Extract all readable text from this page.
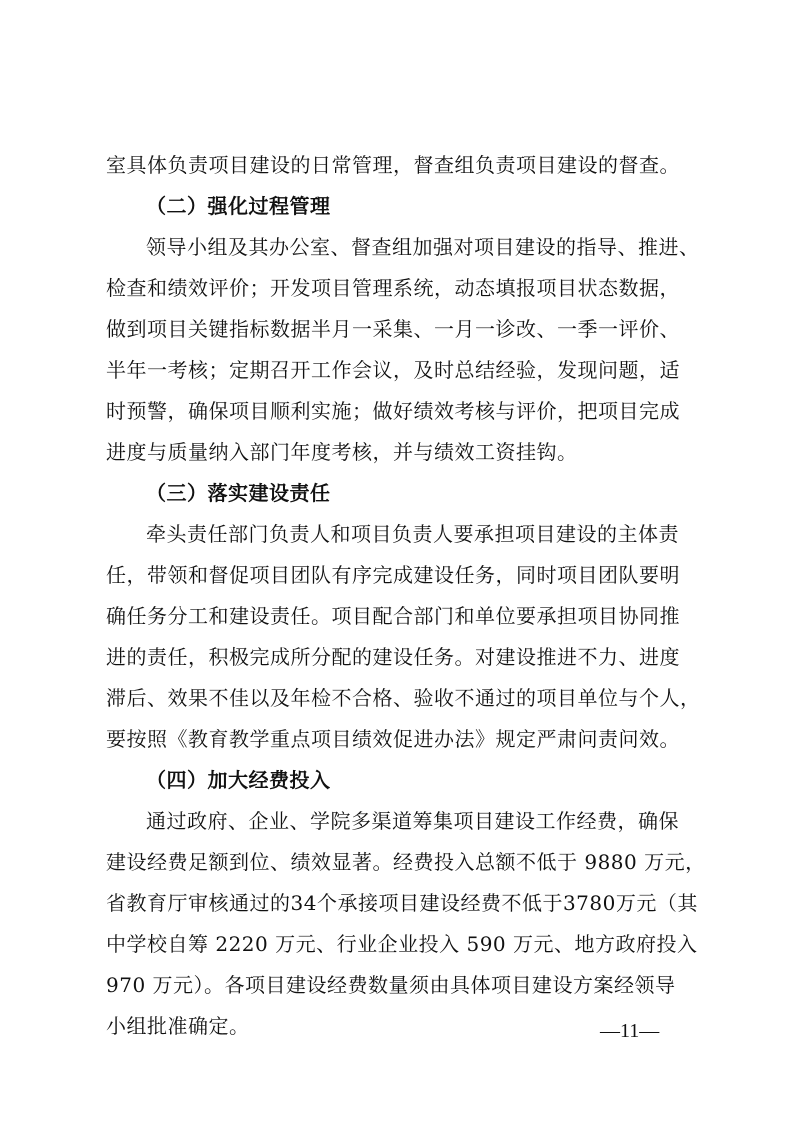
室具体负责项目建设的日常管理，督查组负责项目建设的督查。
（二）强化过程管理
领导小组及其办公室、督查组加强对项目建设的指导、推进、
检查和绩效评价；开发项目管理系统，动态填报项目状态数据，
做到项目关键指标数据半月一采集、一月一诊改、一季一评价、
半年一考核；定期召开工作会议，及时总结经验，发现问题，适
时预警，确保项目顺利实施；做好绩效考核与评价，把项目完成
进度与质量纳入部门年度考核，并与绩效工资挂钩。
（三）落实建设责任
牵头责任部门负责人和项目负责人要承担项目建设的主体责
任，带领和督促项目团队有序完成建设任务，同时项目团队要明
确任务分工和建设责任。项目配合部门和单位要承担项目协同推
进的责任，积极完成所分配的建设任务。对建设推进不力、进度
滞后、效果不佳以及年检不合格、验收不通过的项目单位与个人，
要按照《教育教学重点项目绩效促进办法》规定严肃问责问效。
（四）加大经费投入
通过政府、企业、学院多渠道筹集项目建设工作经费，确保
建设经费足额到位、绩效显著。经费投入总额不低于 9880 万元，
省教育厅审核通过的34个承接项目建设经费不低于3780万元（其
中学校自筹 2220 万元、行业企业投入 590 万元、地方政府投入
970 万元）。各项目建设经费数量须由具体项目建设方案经领导
小组批准确定。	—11—
